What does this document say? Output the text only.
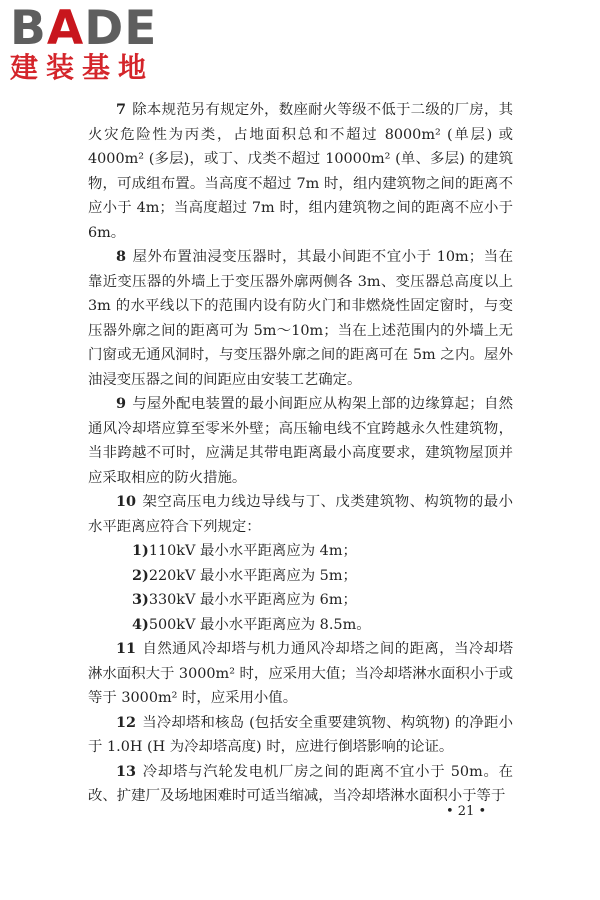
BADE
建装基地

7 除本规范另有规定外，数座耐火等级不低于二级的厂房，其火灾危险性为丙类，占地面积总和不超过 8000m² (单层) 或 4000m² (多层)，或丁、戊类不超过 10000m² (单、多层) 的建筑物，可成组布置。当高度不超过 7m 时，组内建筑物之间的距离不应小于 4m；当高度超过 7m 时，组内建筑物之间的距离不应小于 6m。

8 屋外布置油浸变压器时，其最小间距不宜小于 10m；当在靠近变压器的外墙上于变压器外廓两侧各 3m、变压器总高度以上 3m 的水平线以下的范围内设有防火门和非燃烧性固定窗时，与变压器外廓之间的距离可为 5m～10m；当在上述范围内的外墙上无门窗或无通风洞时，与变压器外廓之间的距离可在 5m 之内。屋外油浸变压器之间的间距应由安装工艺确定。

9 与屋外配电装置的最小间距应从构架上部的边缘算起；自然通风冷却塔应算至零米外壁；高压输电线不宜跨越永久性建筑物，当非跨越不可时，应满足其带电距离最小高度要求，建筑物屋顶并应采取相应的防火措施。

10 架空高压电力线边导线与丁、戊类建筑物、构筑物的最小水平距离应符合下列规定：

1)110kV 最小水平距离应为 4m；

2)220kV 最小水平距离应为 5m；

3)330kV 最小水平距离应为 6m；

4)500kV 最小水平距离应为 8.5m。

11 自然通风冷却塔与机力通风冷却塔之间的距离，当冷却塔淋水面积大于 3000m² 时，应采用大值；当冷却塔淋水面积小于或等于 3000m² 时，应采用小值。

12 当冷却塔和核岛 (包括安全重要建筑物、构筑物) 的净距小于 1.0H (H 为冷却塔高度) 时，应进行倒塔影响的论证。

13 冷却塔与汽轮发电机厂房之间的距离不宜小于 50m。在改、扩建厂及场地困难时可适当缩减，当冷却塔淋水面积小于等于

• 21 •
